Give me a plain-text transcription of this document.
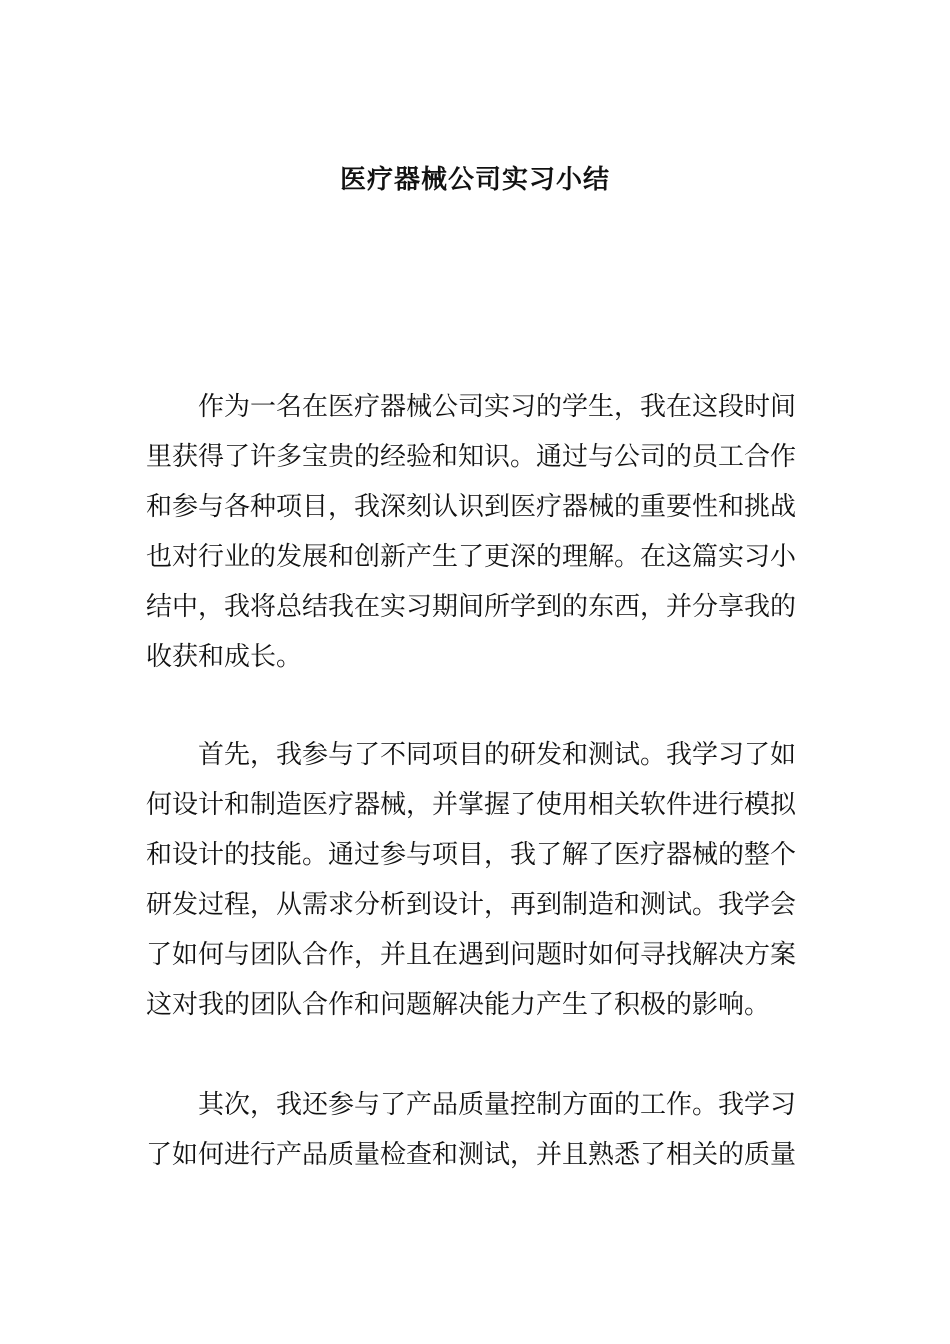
医疗器械公司实习小结
作为一名在医疗器械公司实习的学生，我在这段时间
里获得了许多宝贵的经验和知识。通过与公司的员工合作
和参与各种项目，我深刻认识到医疗器械的重要性和挑战
也对行业的发展和创新产生了更深的理解。在这篇实习小
结中，我将总结我在实习期间所学到的东西，并分享我的
收获和成长。
首先，我参与了不同项目的研发和测试。我学习了如
何设计和制造医疗器械，并掌握了使用相关软件进行模拟
和设计的技能。通过参与项目，我了解了医疗器械的整个
研发过程，从需求分析到设计，再到制造和测试。我学会
了如何与团队合作，并且在遇到问题时如何寻找解决方案
这对我的团队合作和问题解决能力产生了积极的影响。
其次，我还参与了产品质量控制方面的工作。我学习
了如何进行产品质量检查和测试，并且熟悉了相关的质量
